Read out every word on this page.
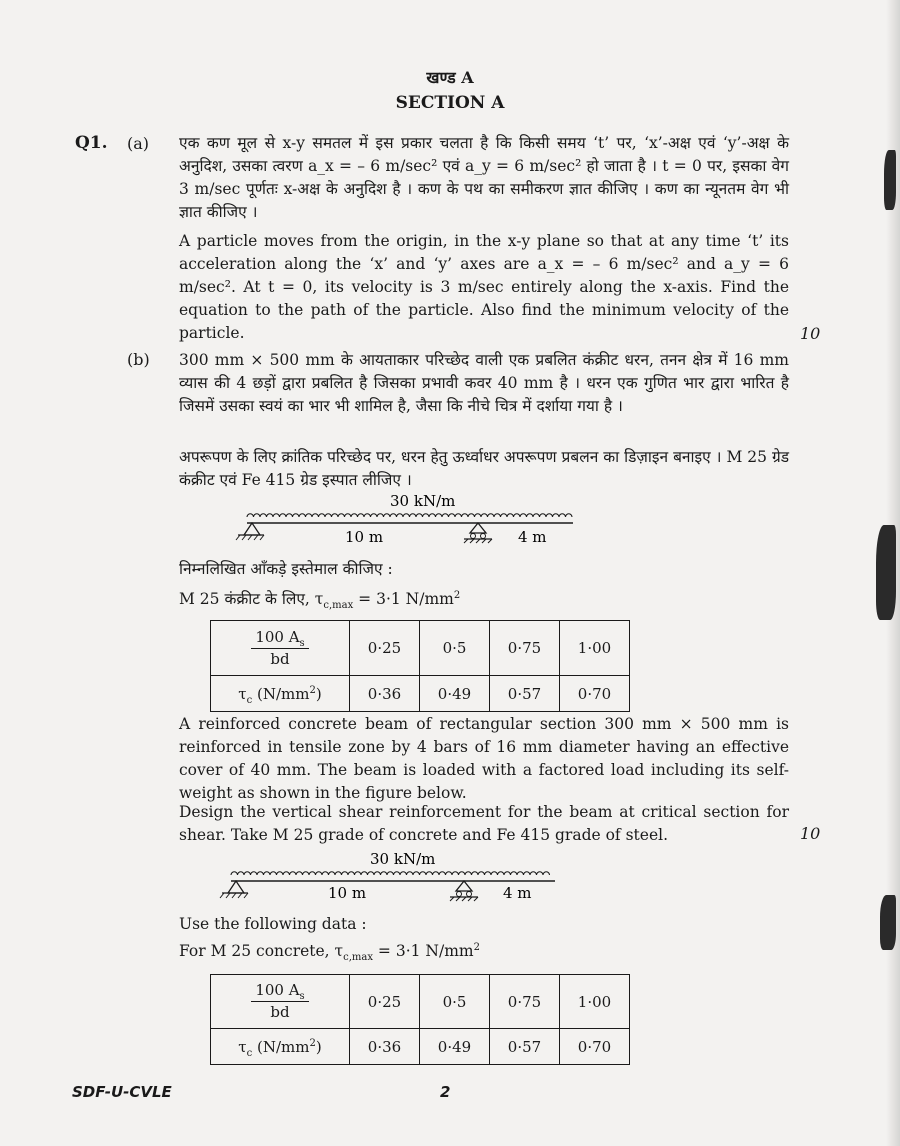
खण्ड A
SECTION A
Q1. (a) एक कण मूल से x-y समतल में इस प्रकार चलता है कि किसी समय ‘t’ पर, ‘x’-अक्ष एवं ‘y’-अक्ष के अनुदिश, उसका त्वरण a_x = – 6 m/sec² एवं a_y = 6 m/sec² हो जाता है । t = 0 पर, इसका वेग 3 m/sec पूर्णतः x-अक्ष के अनुदिश है । कण के पथ का समीकरण ज्ञात कीजिए । कण का न्यूनतम वेग भी ज्ञात कीजिए ।
A particle moves from the origin, in the x-y plane so that at any time ‘t’ its acceleration along the ‘x’ and ‘y’ axes are a_x = – 6 m/sec² and a_y = 6 m/sec². At t = 0, its velocity is 3 m/sec entirely along the x-axis. Find the equation to the path of the particle. Also find the minimum velocity of the particle.	10
(b) 300 mm × 500 mm के आयताकार परिच्छेद वाली एक प्रबलित कंक्रीट धरन, तनन क्षेत्र में 16 mm व्यास की 4 छड़ों द्वारा प्रबलित है जिसका प्रभावी कवर 40 mm है । धरन एक गुणित भार द्वारा भारित है जिसमें उसका स्वयं का भार भी शामिल है, जैसा कि नीचे चित्र में दर्शाया गया है ।
अपरूपण के लिए क्रांतिक परिच्छेद पर, धरन हेतु ऊर्ध्वाधर अपरूपण प्रबलन का डिज़ाइन बनाइए । M 25 ग्रेड कंक्रीट एवं Fe 415 ग्रेड इस्पात लीजिए ।
30 kN/m
10 m	4 m
निम्नलिखित आँकड़े इस्तेमाल कीजिए :
M 25 कंक्रीट के लिए, $\tau_{c,max} = 3\cdot 1$ $N/mm^2$
$\frac{100 A_s}{bd}$	0·25	0·5	0·75	1·00
$\tau_c$ $(N/mm^2)$	0·36	0·49	0·57	0·70
A reinforced concrete beam of rectangular section 300 mm × 500 mm is reinforced in tensile zone by 4 bars of 16 mm diameter having an effective cover of 40 mm. The beam is loaded with a factored load including its self-weight as shown in the figure below.
Design the vertical shear reinforcement for the beam at critical section for shear. Take M 25 grade of concrete and Fe 415 grade of steel.	10
30 kN/m
10 m	4 m
Use the following data :
For M 25 concrete, $\tau_{c,max} = 3\cdot 1$ $N/mm^2$
$\frac{100 A_s}{bd}$	0·25	0·5	0·75	1·00
$\tau_c$ $(N/mm^2)$	0·36	0·49	0·57	0·70
SDF-U-CVLE	2
